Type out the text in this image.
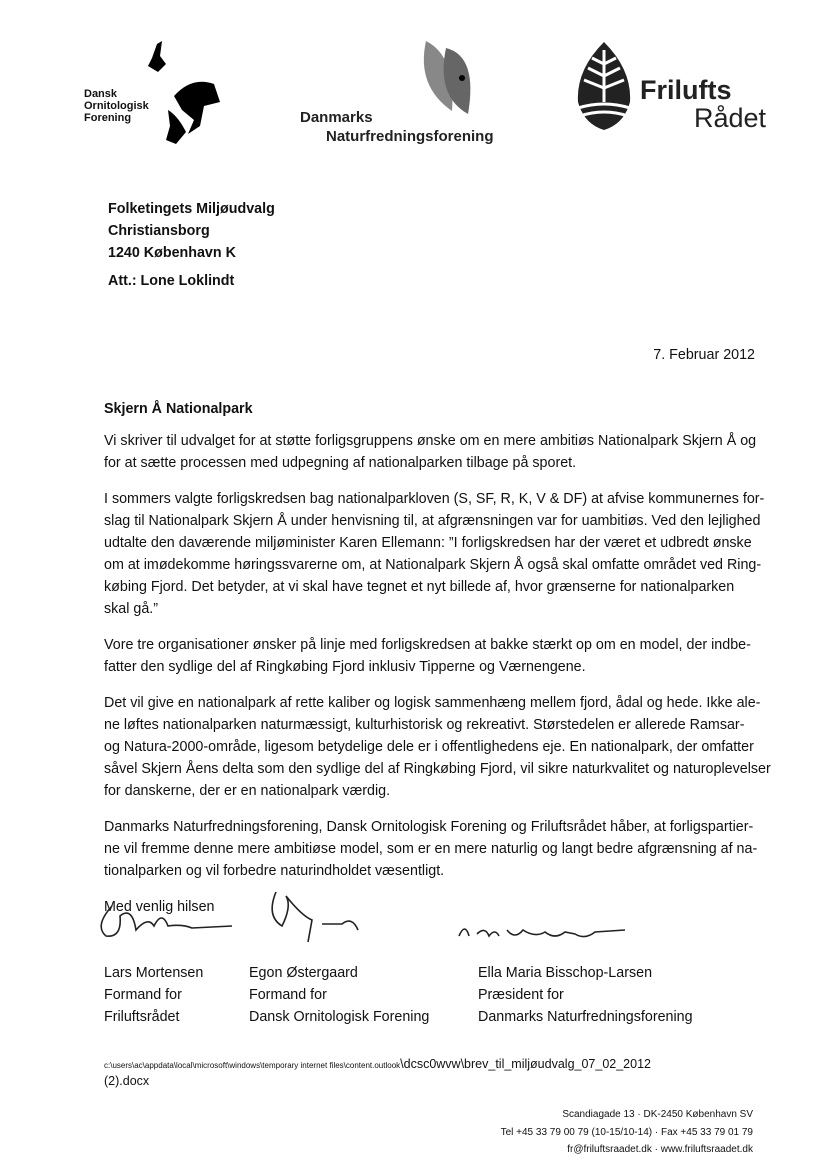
Dansk
Ornitologisk
Forening	Danmarks
Naturfredningsforening
Frilufts
Rådet
Folketingets Miljøudvalg
Christiansborg
1240 København K
Att.: Lone Loklindt
7. Februar 2012
Skjern Å Nationalpark
Vi skriver til udvalget for at støtte forligsgruppens ønske om en mere ambitiøs Nationalpark Skjern Å og
for at sætte processen med udpegning af nationalparken tilbage på sporet.
I sommers valgte forligskredsen bag nationalparkloven (S, SF, R, K, V & DF) at afvise kommunernes for-
slag til Nationalpark Skjern Å under henvisning til, at afgrænsningen var for uambitiøs. Ved den lejlighed
udtalte den daværende miljøminister Karen Ellemann: ”I forligskredsen har der været et udbredt ønske
om at imødekomme høringssvarerne om, at Nationalpark Skjern Å også skal omfatte området ved Ring-
købing Fjord. Det betyder, at vi skal have tegnet et nyt billede af, hvor grænserne for nationalparken
skal gå.”
Vore tre organisationer ønsker på linje med forligskredsen at bakke stærkt op om en model, der indbe-
fatter den sydlige del af Ringkøbing Fjord inklusiv Tipperne og Værnengene.
Det vil give en nationalpark af rette kaliber og logisk sammenhæng mellem fjord, ådal og hede. Ikke ale-
ne løftes nationalparken naturmæssigt, kulturhistorisk og rekreativt. Størstedelen er allerede Ramsar-
og Natura-2000-område, ligesom betydelige dele er i offentlighedens eje. En nationalpark, der omfatter
såvel Skjern Åens delta som den sydlige del af Ringkøbing Fjord, vil sikre naturkvalitet og naturoplevelser
for danskerne, der er en nationalpark værdig.
Danmarks Naturfredningsforening, Dansk Ornitologisk Forening og Friluftsrådet håber, at forligspartier-
ne vil fremme denne mere ambitiøse model, som er en mere naturlig og langt bedre afgrænsning af na-
tionalparken og vil forbedre naturindholdet væsentligt.
Med venlig hilsen
Lars Mortensen
Formand for
Friluftsrådet
Egon Østergaard
Formand for
Dansk Ornitologisk Forening
Ella Maria Bisschop-Larsen
Præsident for
Danmarks Naturfredningsforening
c:\users\ac\appdata\local\microsoft\windows\temporary internet files\content.outlook\dcsc0wvw\brev_til_miljøudvalg_07_02_2012
(2).docx
Scandiagade 13 · DK-2450 København SV
Tel +45 33 79 00 79 (10-15/10-14) · Fax +45 33 79 01 79
fr@friluftsraadet.dk · www.friluftsraadet.dk
